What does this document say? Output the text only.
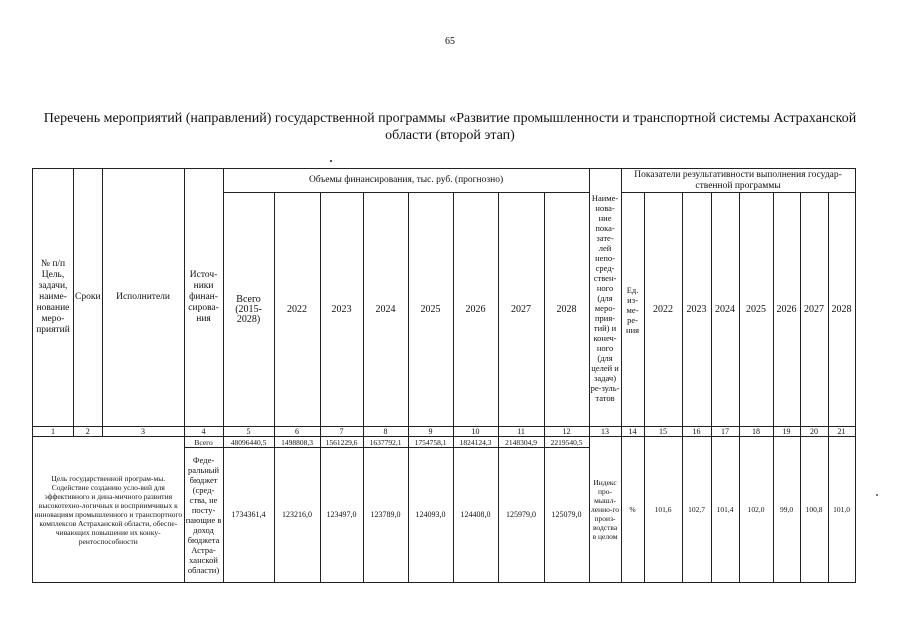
65
Перечень мероприятий (направлений) государственной программы «Развитие промышленности и транспортной системы Астраханской области (второй этап)
№ п/п Цель, задачи, наиме-нование меро-приятий	Сроки	Исполнители	Источ-ники финан-сирова-ния	Объемы финансирования, тыс. руб. (прогнозно)								Наиме-нова-ние пока-зате-лей непо-сред-ствен-ного (для меро-прия-тий) и конеч-ного (для целей и задач) ре-зуль-татов	Показатели результативности выполнения государ-ственной программы							
				Всего (2015-2028)	2022	2023	2024	2025	2026	2027	2028		Ед. из-ме-ре-ния	2022	2023	2024	2025	2026	2027	2028
1	2	3	4	5	6	7	8	9	10	11	12	13	14	15	16	17	18	19	20	21
Цель государственной програм-мы. Содействие созданию усло-вий для эффективного и дина-мичного развития высокотехно-логичных и восприимчивых к инновациям промышленного и транспортного комплексов Астраханской области, обеспе-чивающих повышение их конку-рентоспособности			Всего	48096440,5	1498808,3	1561229,6	1637792,1	1754758,1	1824124,3	2148304,9	2219540,5	Индекс про-мышл-ленно-го произ-водства в целом	%	101,6	102,7	101,4	102,0	99,0	100,8	101,0
			Феде-ральный бюджет (сред-ства, не посту-пающие в доход бюджета Астра-ханской области)	1734361,4	123216,0	123497,0	123789,0	124093,0	124408,0	125979,0	125079,0									
